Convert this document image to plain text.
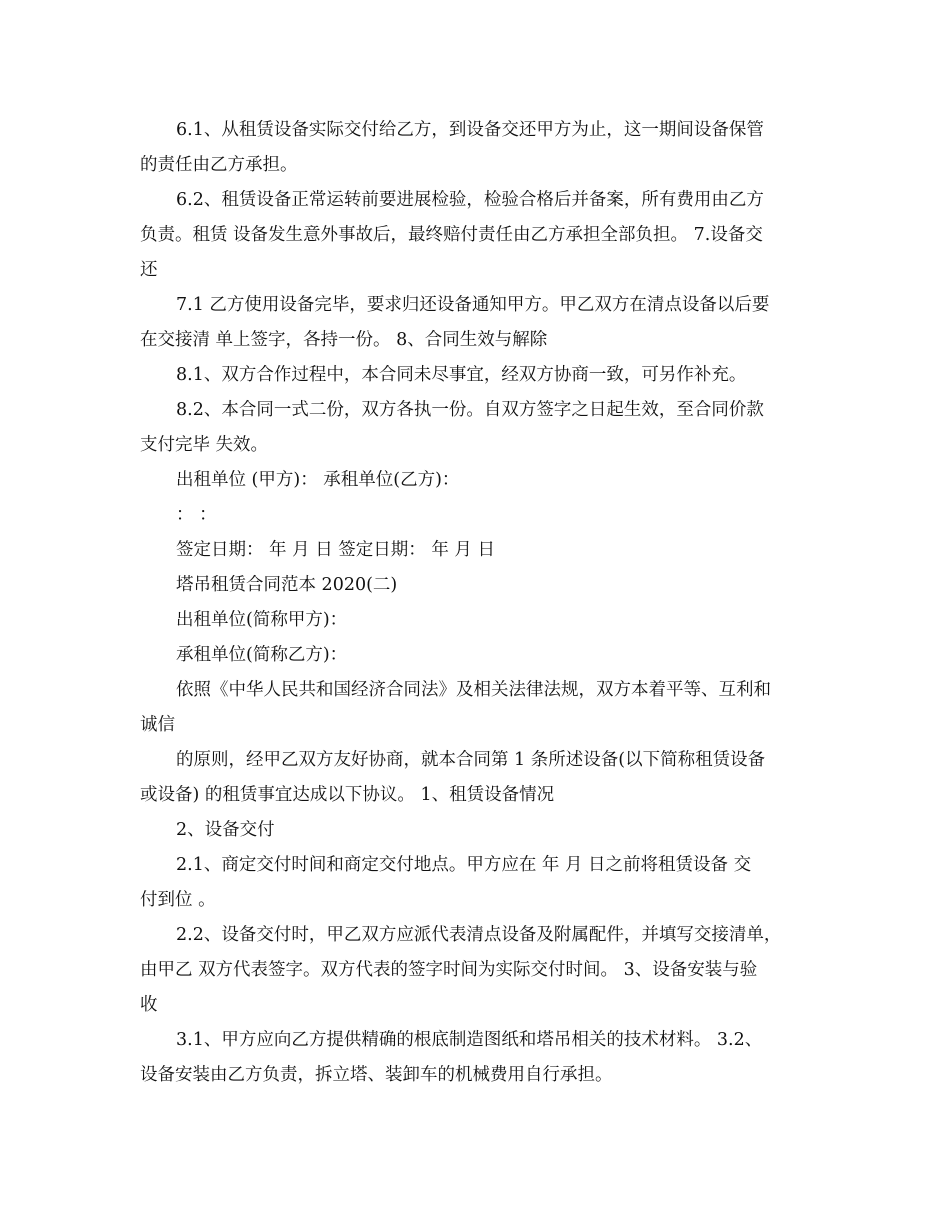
6.1、从租赁设备实际交付给乙方，到设备交还甲方为止，这一期间设备保管

的责任由乙方承担。

6.2、租赁设备正常运转前要进展检验，检验合格后并备案，所有费用由乙方

负责。租赁 设备发生意外事故后，最终赔付责任由乙方承担全部负担。 7.设备交

还

7.1 乙方使用设备完毕，要求归还设备通知甲方。甲乙双方在清点设备以后要

在交接清 单上签字，各持一份。 8、合同生效与解除

8.1、双方合作过程中，本合同未尽事宜，经双方协商一致，可另作补充。

8.2、本合同一式二份，双方各执一份。自双方签字之日起生效，至合同价款

支付完毕 失效。

出租单位 (甲方)： 承租单位(乙方)：

： ：

签定日期： 年 月 日 签定日期： 年 月 日

塔吊租赁合同范本 2020(二)

出租单位(简称甲方)：

承租单位(简称乙方)：

依照《中华人民共和国经济合同法》及相关法律法规，双方本着平等、互利和

诚信

的原则，经甲乙双方友好协商，就本合同第 1 条所述设备(以下简称租赁设备

或设备) 的租赁事宜达成以下协议。 1、租赁设备情况

2、设备交付

2.1、商定交付时间和商定交付地点。甲方应在 年 月 日之前将租赁设备 交

付到位 。

2.2、设备交付时，甲乙双方应派代表清点设备及附属配件，并填写交接清单，

由甲乙 双方代表签字。双方代表的签字时间为实际交付时间。 3、设备安装与验

收

3.1、甲方应向乙方提供精确的根底制造图纸和塔吊相关的技术材料。 3.2、

设备安装由乙方负责，拆立塔、装卸车的机械费用自行承担。
